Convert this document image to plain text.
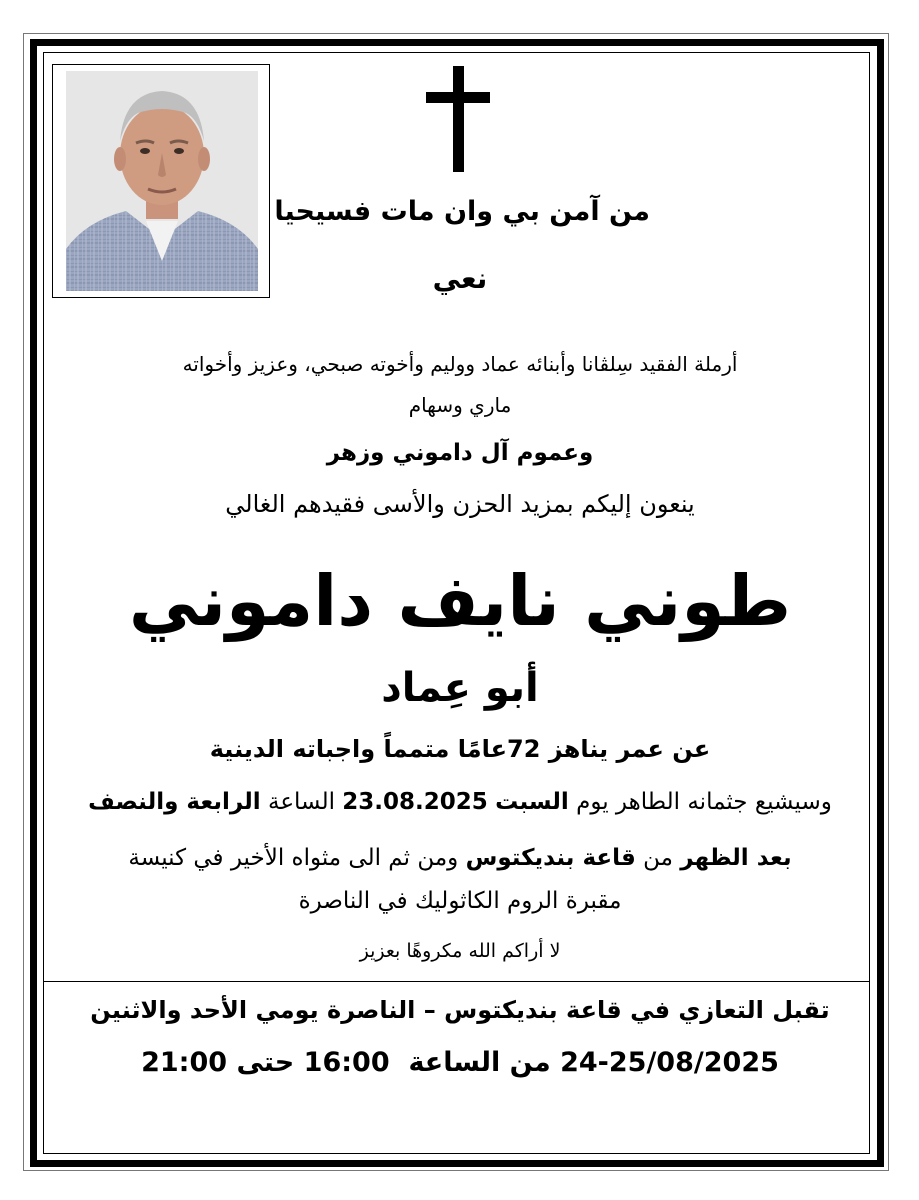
من آمن بي وان مات فسيحيا
نعي
أرملة الفقيد سِلڤانا وأبنائه عماد ووليم وأخوته صبحي، وعزيز وأخواته
ماري وسهام
وعموم آل داموني وزهر
ينعون إليكم بمزيد الحزن والأسى فقيدهم الغالي
طوني نايف داموني
أبو عِماد
عن عمر يناهز 72عامًا متمماً واجباته الدينية
وسيشيع جثمانه الطاهر يوم السبت 23.08.2025 الساعة الرابعة والنصف
بعد الظهر من قاعة بنديكتوس ومن ثم الى مثواه الأخير في كنيسة
مقبرة الروم الكاثوليك في الناصرة
لا أراكم الله مكروهًا بعزيز
تقبل التعازي في قاعة بنديكتوس – الناصرة يومي الأحد والاثنين
24-25/08/2025 من الساعة  16:00 حتى 21:00
